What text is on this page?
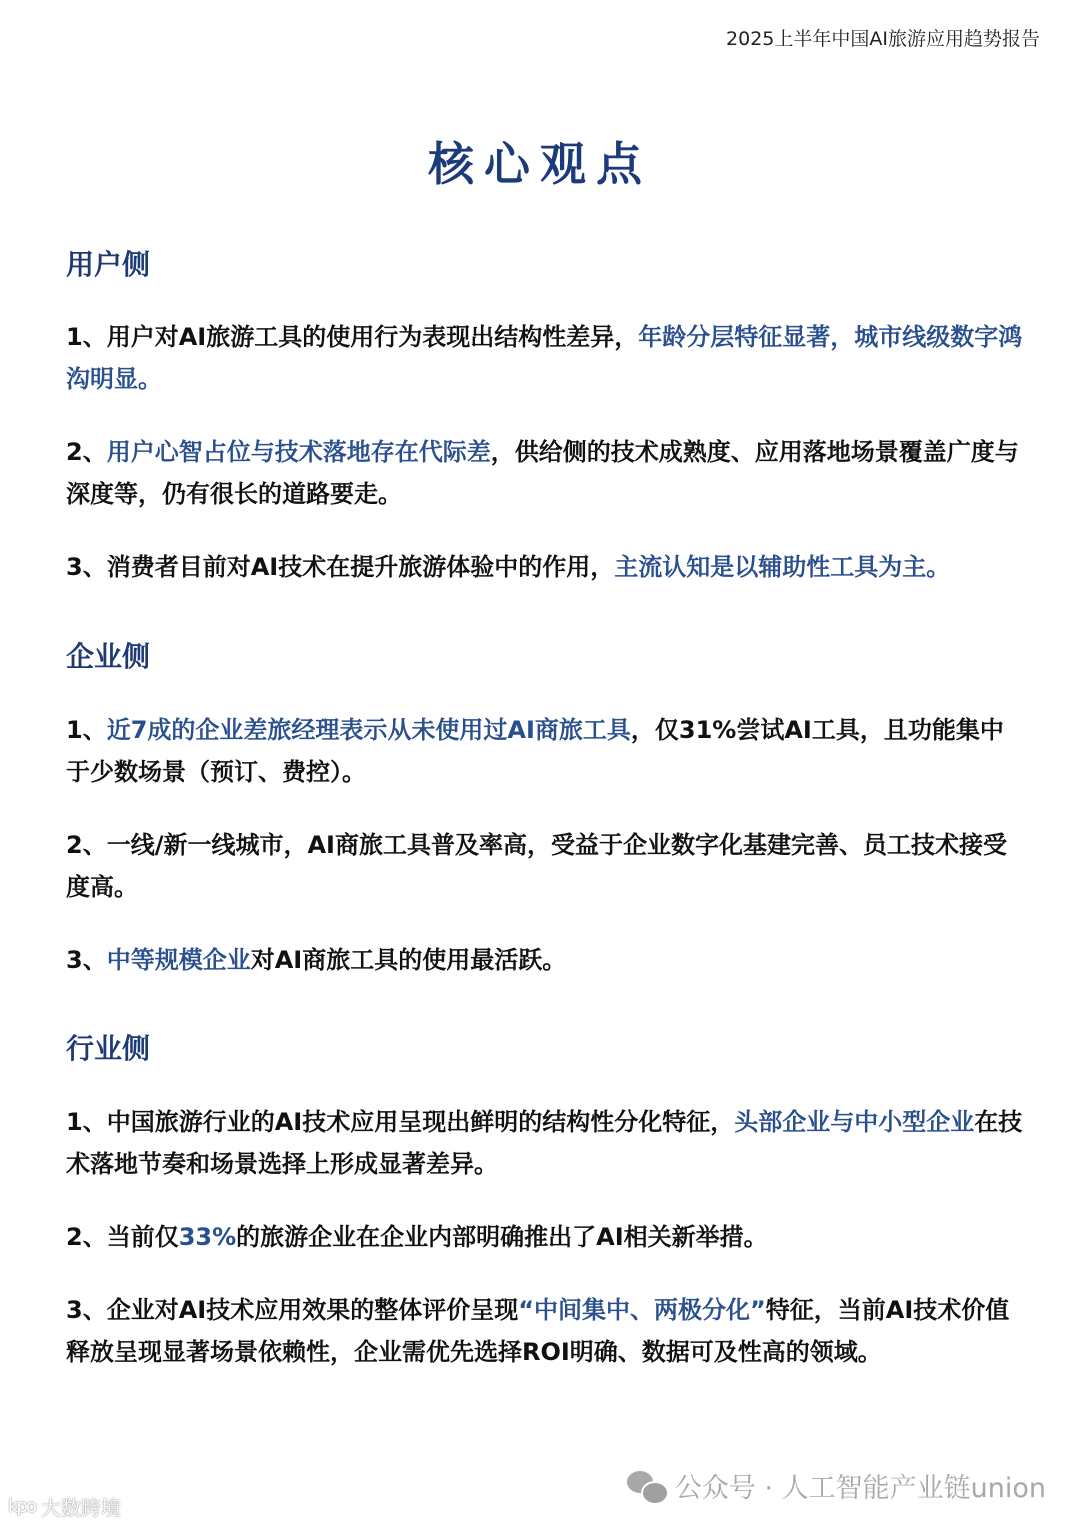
2025上半年中国AI旅游应用趋势报告
核心观点
用户侧

1、用户对AI旅游工具的使用行为表现出结构性差异，年龄分层特征显著，城市线级数字鸿沟明显。

2、用户心智占位与技术落地存在代际差，供给侧的技术成熟度、应用落地场景覆盖广度与深度等，仍有很长的道路要走。

3、消费者目前对AI技术在提升旅游体验中的作用，主流认知是以辅助性工具为主。

企业侧

1、近7成的企业差旅经理表示从未使用过AI商旅工具，仅31%尝试AI工具，且功能集中于少数场景（预订、费控）。

2、一线/新一线城市，AI商旅工具普及率高，受益于企业数字化基建完善、员工技术接受度高。

3、中等规模企业对AI商旅工具的使用最活跃。

行业侧

1、中国旅游行业的AI技术应用呈现出鲜明的结构性分化特征，头部企业与中小型企业在技术落地节奏和场景选择上形成显著差异。

2、当前仅33%的旅游企业在企业内部明确推出了AI相关新举措。

3、企业对AI技术应用效果的整体评价呈现“中间集中、两极分化”特征，当前AI技术价值释放呈现显著场景依赖性，企业需优先选择ROI明确、数据可及性高的领域。

公众号 · 人工智能产业链union
kpo 大数跨境
